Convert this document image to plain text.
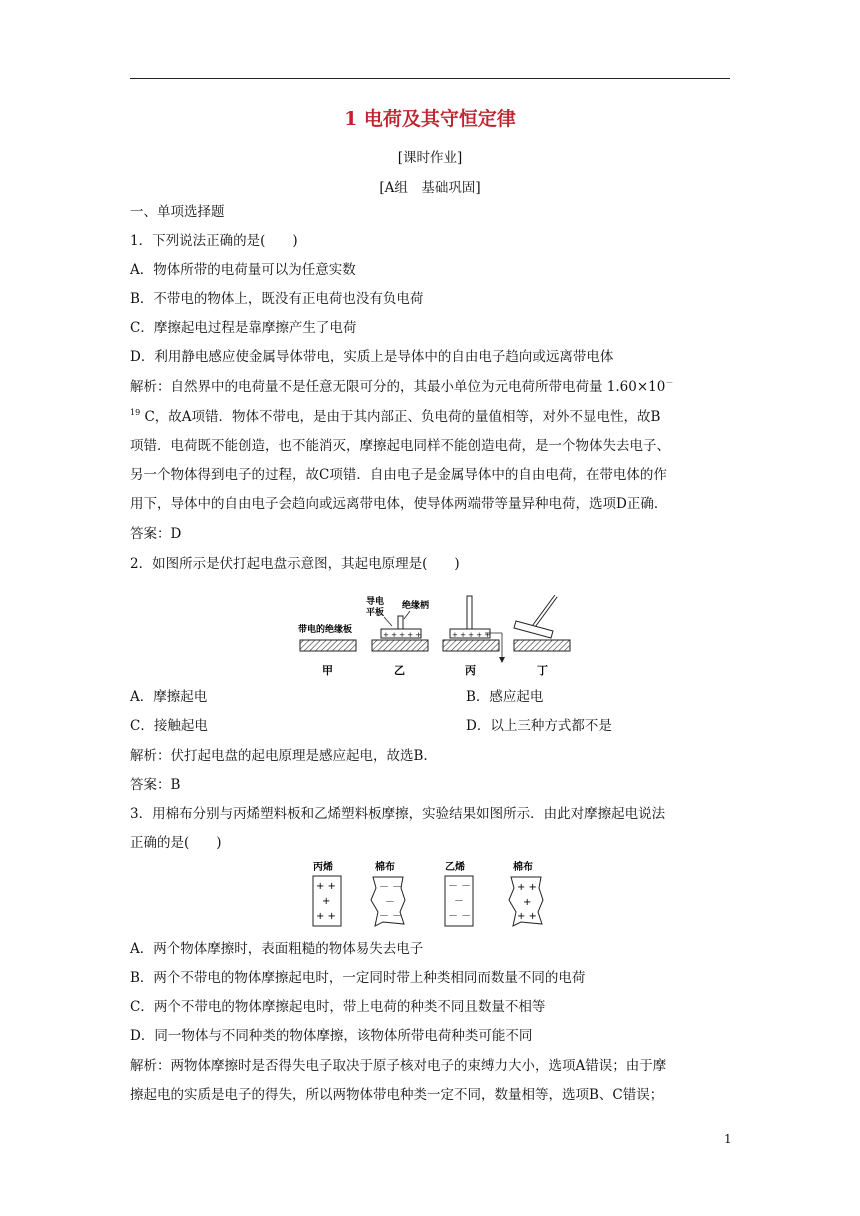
1 电荷及其守恒定律
[课时作业]
[A组　基础巩固]
一、单项选择题
1．下列说法正确的是(　　)
A．物体所带的电荷量可以为任意实数
B．不带电的物体上，既没有正电荷也没有负电荷
C．摩擦起电过程是靠摩擦产生了电荷
D．利用静电感应使金属导体带电，实质上是导体中的自由电子趋向或远离带电体
解析：自然界中的电荷量不是任意无限可分的，其最小单位为元电荷所带电荷量 1.60×10－
$^{19}$ C，故A项错．物体不带电，是由于其内部正、负电荷的量值相等，对外不显电性，故B
项错．电荷既不能创造，也不能消灭，摩擦起电同样不能创造电荷，是一个物体失去电子、
另一个物体得到电子的过程，故C项错．自由电子是金属导体中的自由电荷，在带电体的作
用下，导体中的自由电子会趋向或远离带电体，使导体两端带等量异种电荷，选项D正确．
答案：D
2．如图所示是伏打起电盘示意图，其起电原理是(　　)
带电的绝缘板
甲
导电
平板
绝缘柄
+ + + + +
乙
+ + + + +
丙	丁
A．摩擦起电	B．感应起电
C．接触起电	D．以上三种方式都不是
解析：伏打起电盘的起电原理是感应起电，故选B.
答案：B
3．用棉布分别与丙烯塑料板和乙烯塑料板摩擦，实验结果如图所示．由此对摩擦起电说法
正确的是(　　)
丙烯
+ +
+
+ +
棉布
－ －
－
－ －
乙烯
－ －
－
－ －
棉布
+ +
+
+ +
A．两个物体摩擦时，表面粗糙的物体易失去电子
B．两个不带电的物体摩擦起电时，一定同时带上种类相同而数量不同的电荷
C．两个不带电的物体摩擦起电时，带上电荷的种类不同且数量不相等
D．同一物体与不同种类的物体摩擦，该物体所带电荷种类可能不同
解析：两物体摩擦时是否得失电子取决于原子核对电子的束缚力大小，选项A错误；由于摩
擦起电的实质是电子的得失，所以两物体带电种类一定不同，数量相等，选项B、C错误；
1
